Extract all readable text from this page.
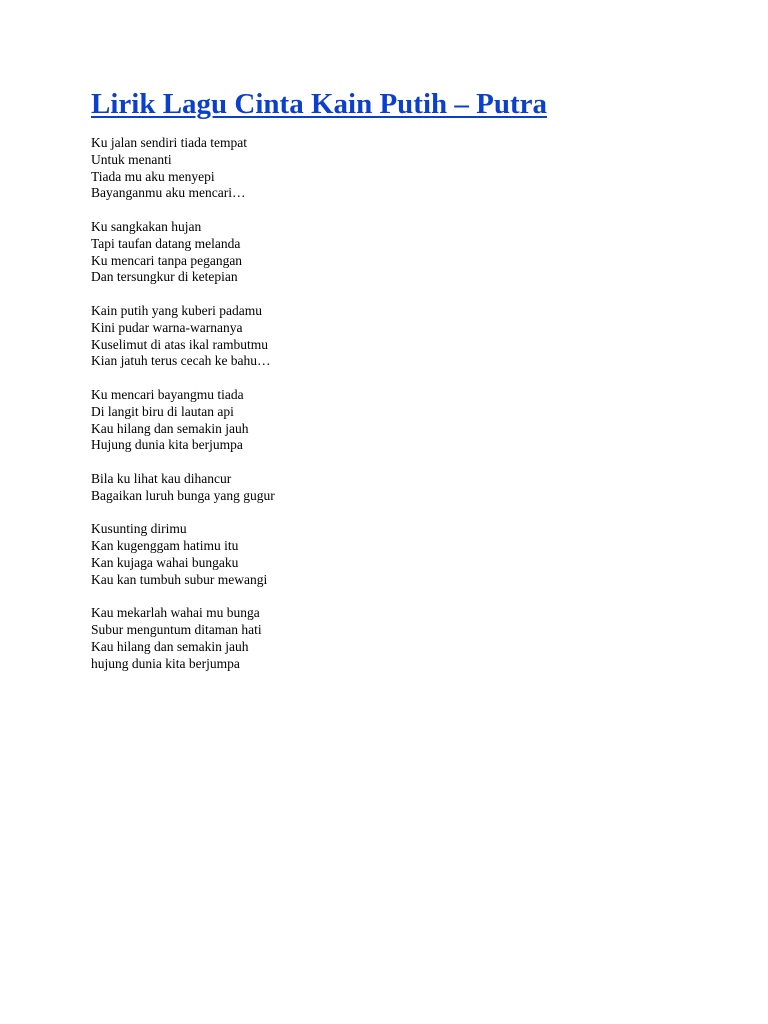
Lirik Lagu Cinta Kain Putih – Putra
Ku jalan sendiri tiada tempat
Untuk menanti
Tiada mu aku menyepi
Bayanganmu aku mencari…
Ku sangkakan hujan
Tapi taufan datang melanda
Ku mencari tanpa pegangan
Dan tersungkur di ketepian
Kain putih yang kuberi padamu
Kini pudar warna-warnanya
Kuselimut di atas ikal rambutmu
Kian jatuh terus cecah ke bahu…
Ku mencari bayangmu tiada
Di langit biru di lautan api
Kau hilang dan semakin jauh
Hujung dunia kita berjumpa
Bila ku lihat kau dihancur
Bagaikan luruh bunga yang gugur
Kusunting dirimu
Kan kugenggam hatimu itu
Kan kujaga wahai bungaku
Kau kan tumbuh subur mewangi
Kau mekarlah wahai mu bunga
Subur menguntum ditaman hati
Kau hilang dan semakin jauh
hujung dunia kita berjumpa
